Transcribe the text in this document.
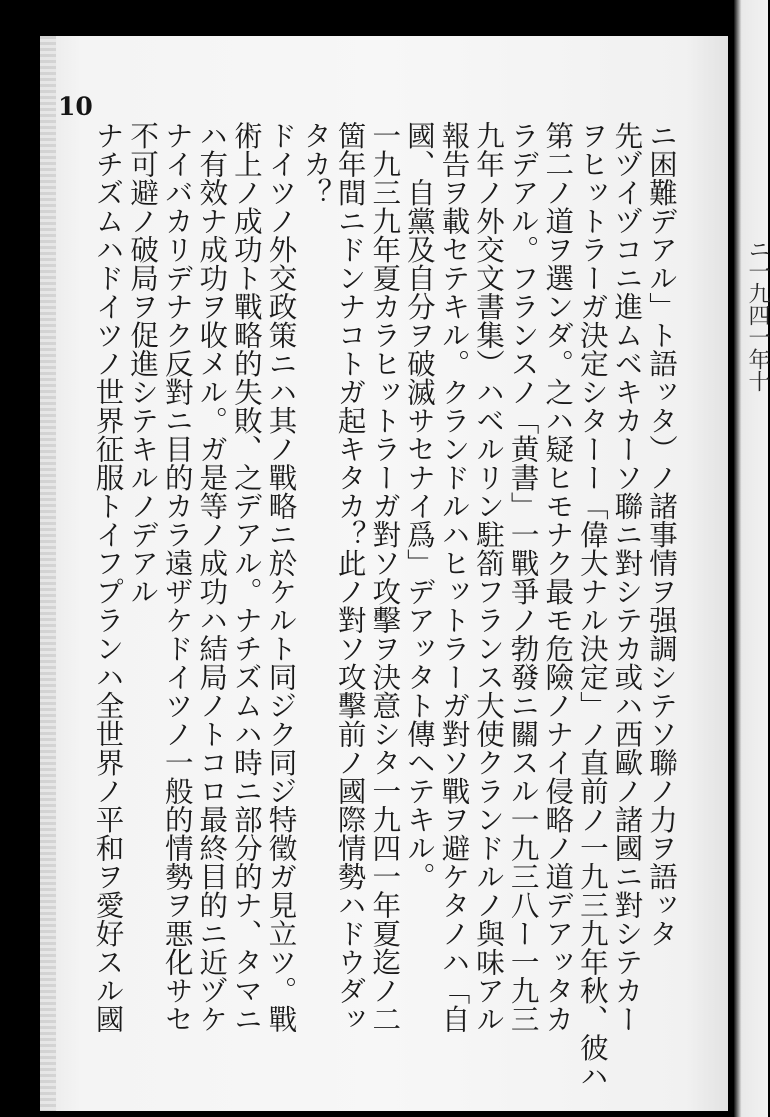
10
ニ困難デアル」ト語ッタ）ノ諸事情ヲ强調シテソ聯ノ力ヲ語ッタ
先ヅイヅコニ進ムベキカーソ聯ニ對シテカ或ハ西歐ノ諸國ニ對シテカー
ヲヒットラーガ決定シターー「偉大ナル決定」ノ直前ノ一九三九年秋、彼ハ
第二ノ道ヲ選ンダ。之ハ疑ヒモナク最モ危險ノナイ侵略ノ道デアッタカ
ラデアル。フランスノ「黄書」一戰爭ノ勃發ニ關スル一九三八ー一九三
九年ノ外交文書集）ハベルリン駐箚フランス大使クランドルノ與味アル
報告ヲ載セテキル。クランドルハヒットラーガ對ソ戰ヲ避ケタノハ「自
國、自黨及自分ヲ破滅サセナイ爲」デアッタト傳ヘテキル。
一九三九年夏カラヒットラーガ對ソ攻擊ヲ決意シタ一九四一年夏迄ノ二
箇年間ニドンナコトガ起キタカ？此ノ對ソ攻擊前ノ國際情勢ハドウダッ
タカ？
ドイツノ外交政策ニハ其ノ戰略ニ於ケルト同ジク同ジ特徵ガ見立ツ。戰
術上ノ成功ト戰略的失敗、之デアル。ナチズムハ時ニ部分的ナ、タマニ
ハ有效ナ成功ヲ收メル。ガ是等ノ成功ハ結局ノトコロ最終目的ニ近ヅケ
ナイバカリデナク反對ニ目的カラ遠ザケドイツノ一般的情勢ヲ悪化サセ
不可避ノ破局ヲ促進シテキルノデアル
ナチズムハドイツノ世界征服トイフプランハ全世界ノ平和ヲ愛好スル國	ニ一九四一年十
